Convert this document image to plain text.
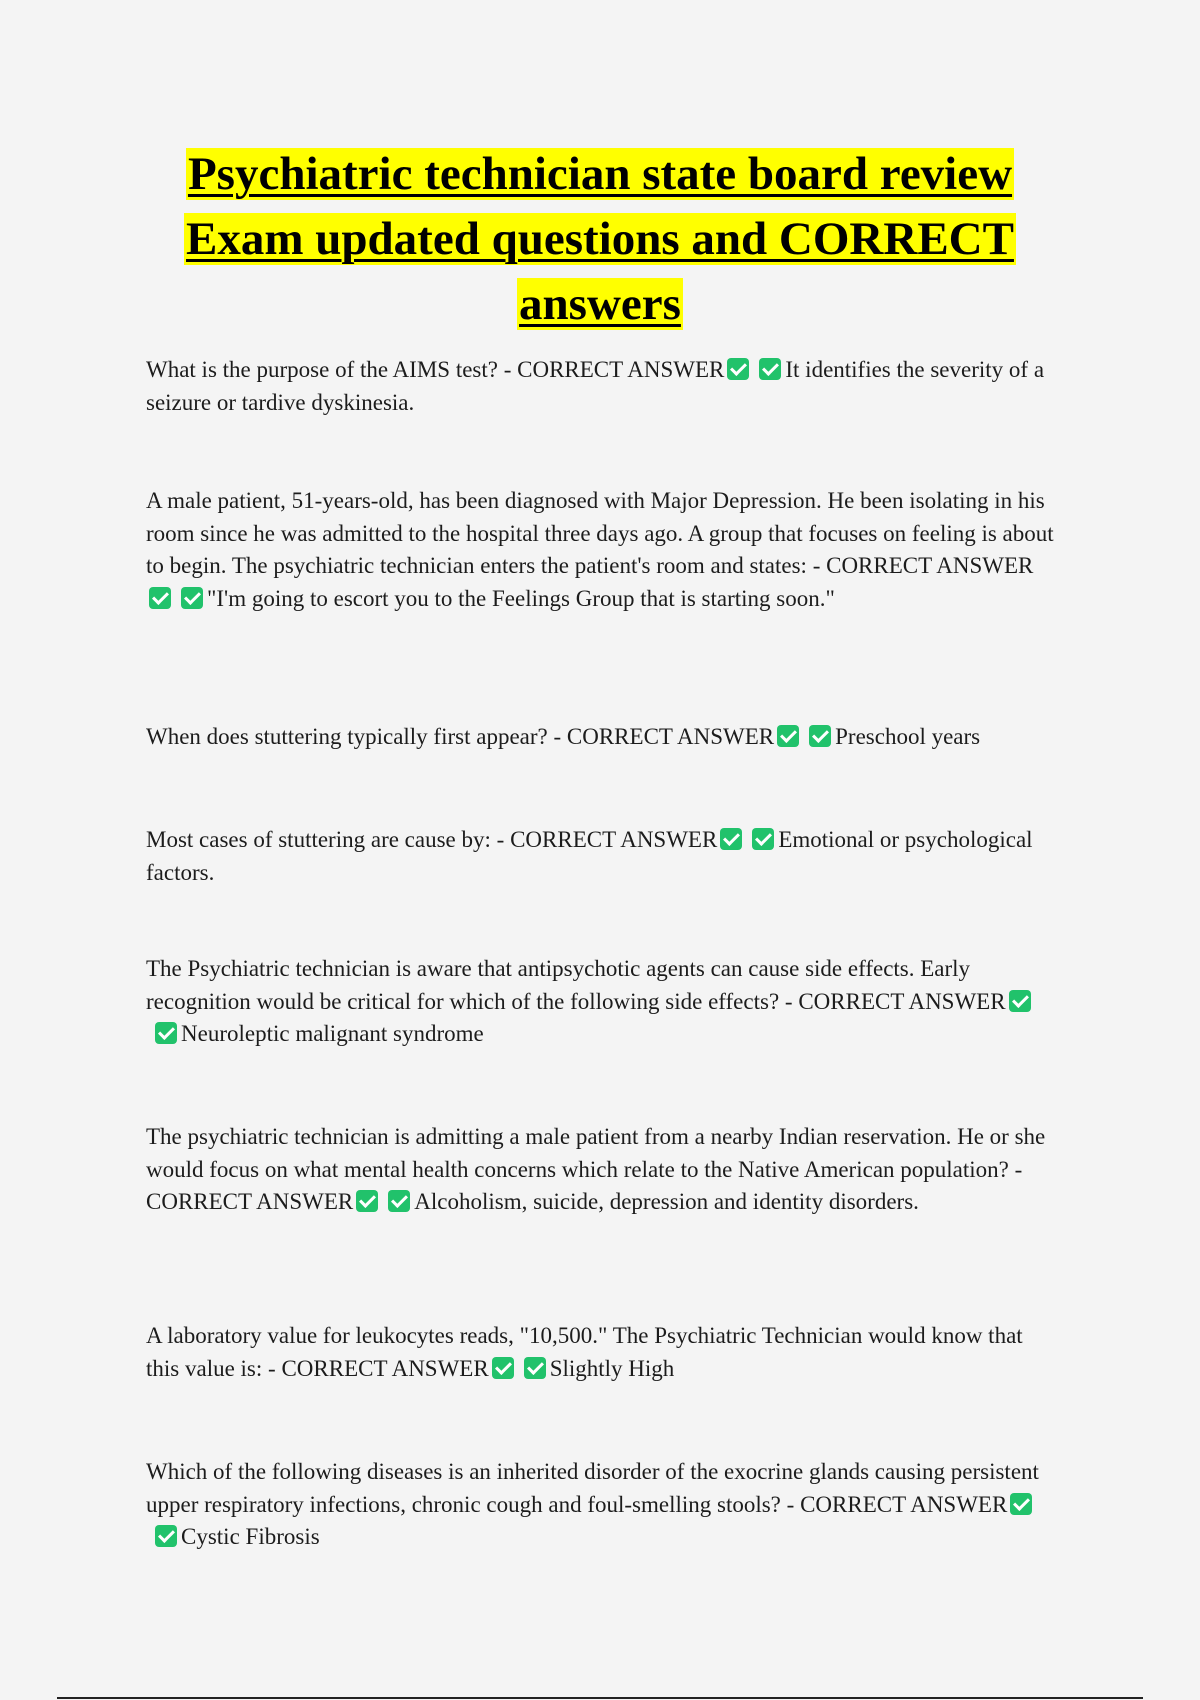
Psychiatric technician state board review
Exam updated questions and CORRECT
answers

What is the purpose of the AIMS test? - CORRECT ANSWER	It identifies the severity of a seizure or tardive dyskinesia.

A male patient, 51-years-old, has been diagnosed with Major Depression. He been isolating in his room since he was admitted to the hospital three days ago. A group that focuses on feeling is about to begin. The psychiatric technician enters the patient's room and states: - CORRECT ANSWER"I'm going to escort you to the Feelings Group that is starting soon."

When does stuttering typically first appear? - CORRECT ANSWER	Preschool years

Most cases of stuttering are cause by: - CORRECT ANSWER	Emotional or psychological factors.

The Psychiatric technician is aware that antipsychotic agents can cause side effects. Early recognition would be critical for which of the following side effects? - CORRECT ANSWERNeuroleptic malignant syndrome

The psychiatric technician is admitting a male patient from a nearby Indian reservation. He or she would focus on what mental health concerns which relate to the Native American population? - CORRECT ANSWER	Alcoholism, suicide, depression and identity disorders.

A laboratory value for leukocytes reads, "10,500." The Psychiatric Technician would know that this value is: - CORRECT ANSWER	Slightly High

Which of the following diseases is an inherited disorder of the exocrine glands causing persistent upper respiratory infections, chronic cough and foul-smelling stools? - CORRECT ANSWERCystic Fibrosis
